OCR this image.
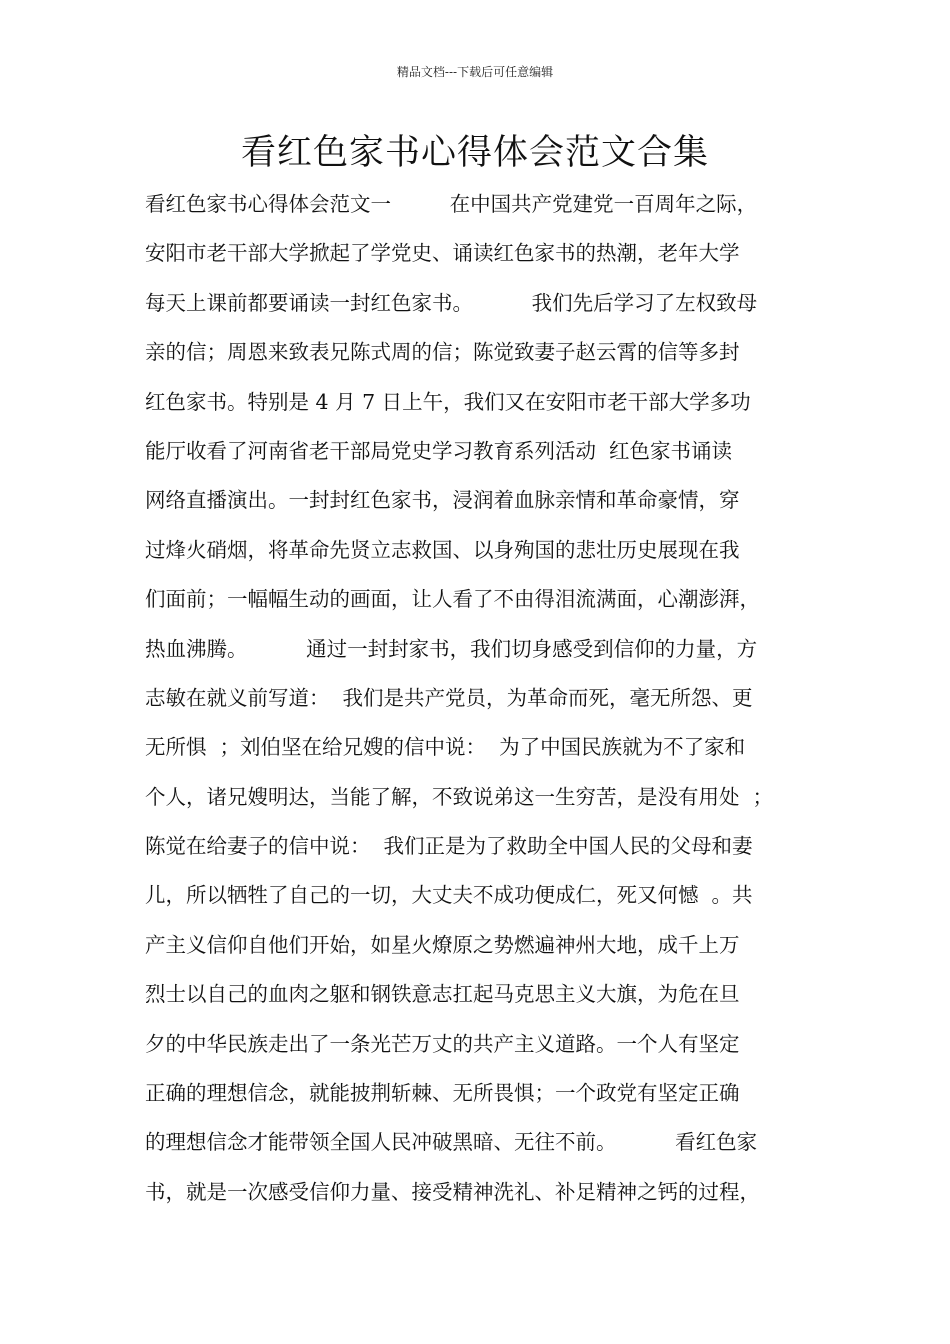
精品文档---下载后可任意编辑
看红色家书心得体会范文合集
看红色家书心得体会范文一         在中国共产党建党一百周年之际，
安阳市老干部大学掀起了学党史、诵读红色家书的热潮，老年大学
每天上课前都要诵读一封红色家书。         我们先后学习了左权致母
亲的信；周恩来致表兄陈式周的信；陈觉致妻子赵云霄的信等多封
红色家书。特别是 4 月 7 日上午，我们又在安阳市老干部大学多功
能厅收看了河南省老干部局党史学习教育系列活动  红色家书诵读
网络直播演出。一封封红色家书，浸润着血脉亲情和革命豪情，穿
过烽火硝烟，将革命先贤立志救国、以身殉国的悲壮历史展现在我
们面前；一幅幅生动的画面，让人看了不由得泪流满面，心潮澎湃，
热血沸腾。         通过一封封家书，我们切身感受到信仰的力量，方
志敏在就义前写道：  我们是共产党员，为革命而死，毫无所怨、更
无所惧  ；刘伯坚在给兄嫂的信中说：  为了中国民族就为不了家和
个人，诸兄嫂明达，当能了解，不致说弟这一生穷苦，是没有用处  ；
陈觉在给妻子的信中说：  我们正是为了救助全中国人民的父母和妻
儿，所以牺牲了自己的一切，大丈夫不成功便成仁，死又何憾  。共
产主义信仰自他们开始，如星火燎原之势燃遍神州大地，成千上万
烈士以自己的血肉之躯和钢铁意志扛起马克思主义大旗，为危在旦
夕的中华民族走出了一条光芒万丈的共产主义道路。一个人有坚定
正确的理想信念，就能披荆斩棘、无所畏惧；一个政党有坚定正确
的理想信念才能带领全国人民冲破黑暗、无往不前。         看红色家
书，就是一次感受信仰力量、接受精神洗礼、补足精神之钙的过程，
